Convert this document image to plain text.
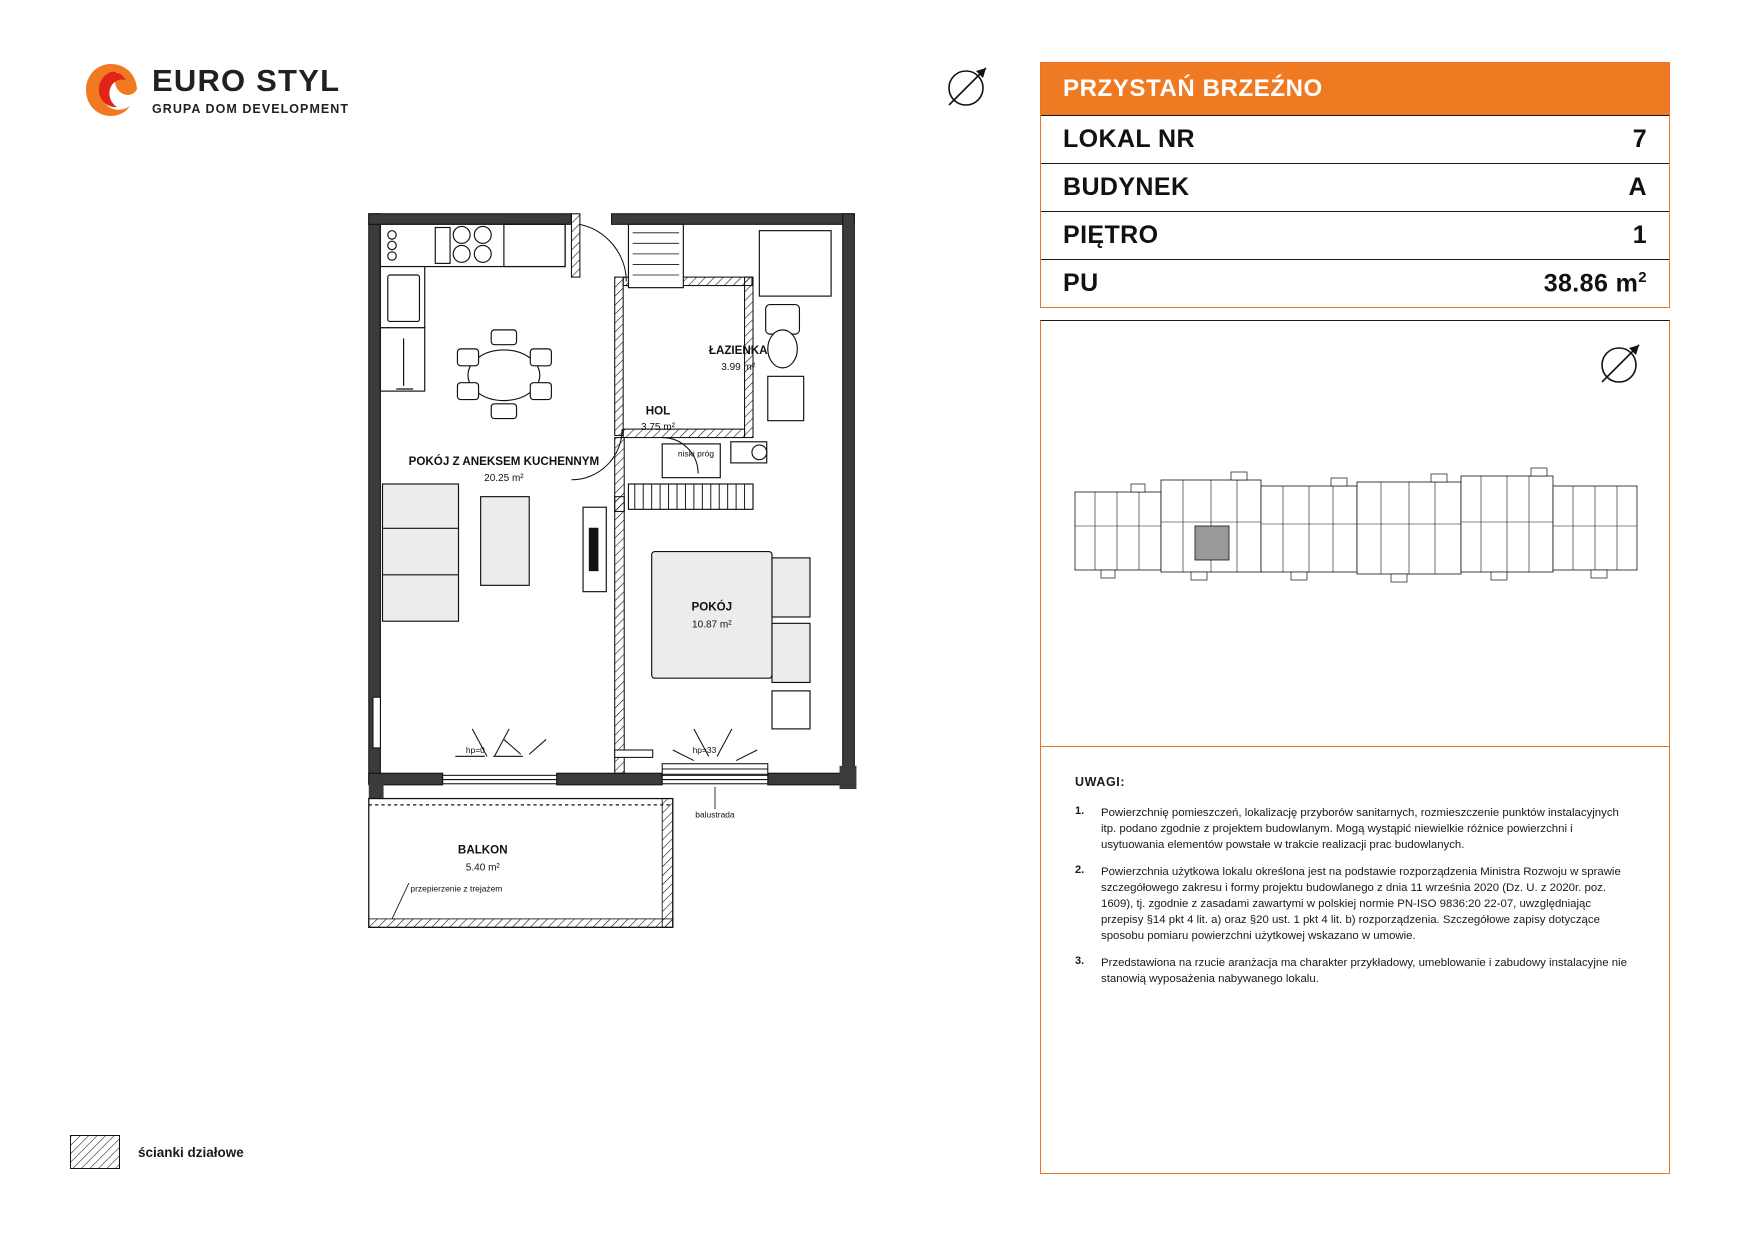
EURO STYL
GRUPA DOM DEVELOPMENT
ŁAZIENKA
3.99 m²
HOL
3.75 m²
POKÓJ Z ANEKSEM KUCHENNYM
20.25 m²
POKÓJ
10.87 m²
BALKON
5.40 m²
niski próg
hp=0	hp=33
balustrada
przepierzenie z trejażem
PRZYSTAŃ BRZEŹNO
LOKAL NR	7
BUDYNEK	A
PIĘTRO	1
PU	38.86 $m^2$
UWAGI:
1.	Powierzchnię pomieszczeń, lokalizację przyborów sanitarnych, rozmieszczenie punktów instalacyjnych itp. podano zgodnie z projektem budowlanym. Mogą wystąpić niewielkie różnice powierzchni i usytuowania elementów powstałe w trakcie realizacji prac budowlanych.
2.	Powierzchnia użytkowa lokalu określona jest na podstawie rozporządzenia Ministra Rozwoju w sprawie szczegółowego zakresu i formy projektu budowlanego z dnia 11 września 2020 (Dz. U. z 2020r. poz. 1609), tj. zgodnie z zasadami zawartymi w polskiej normie PN-ISO 9836:20 22-07, uwzględniając przepisy §14 pkt 4 lit. a) oraz §20 ust. 1 pkt 4 lit. b) rozporządzenia. Szczegółowe zapisy dotyczące sposobu pomiaru powierzchni użytkowej wskazano w umowie.
3.	Przedstawiona na rzucie aranżacja ma charakter przykładowy, umeblowanie i zabudowy instalacyjne nie stanowią wyposażenia nabywanego lokalu.
ścianki działowe
